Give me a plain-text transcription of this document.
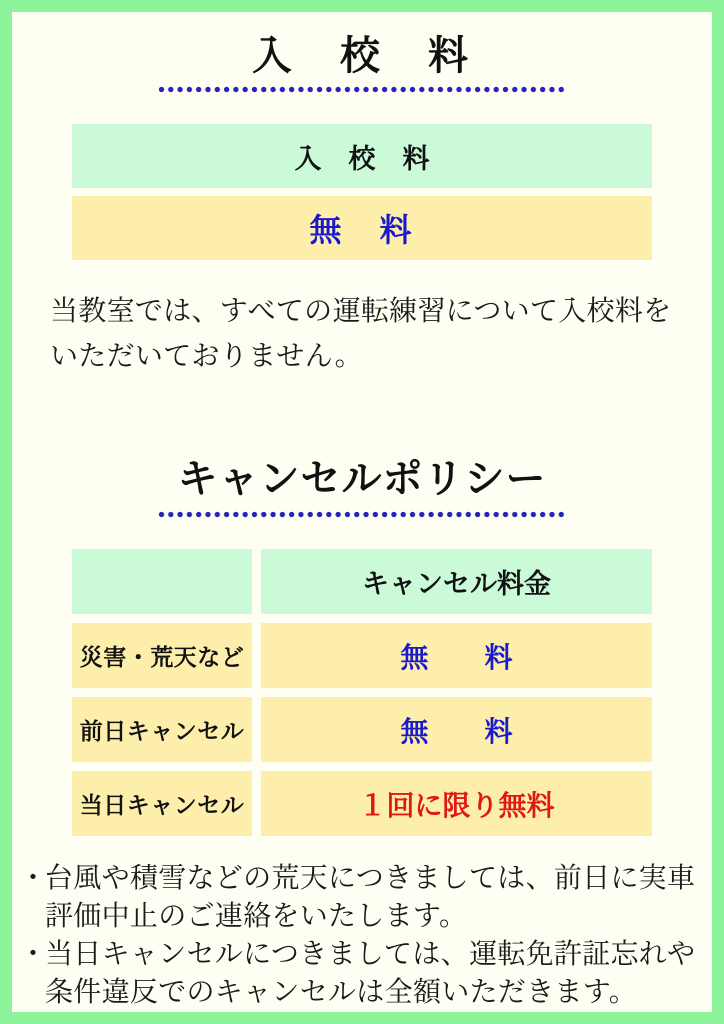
入　校　料
入　校　料
無　料

当教室では、すべての運転練習について入校料をいただいておりません。

キャンセルポリシー
キャンセル料金
災害・荒天など	無　　料
前日キャンセル	無　　料
当日キャンセル	１回に限り無料
・
台風や積雪などの荒天につきましては、前日に実車評価中止のご連絡をいたします。
・
当日キャンセルにつきましては、運転免許証忘れや条件違反でのキャンセルは全額いただきます。
